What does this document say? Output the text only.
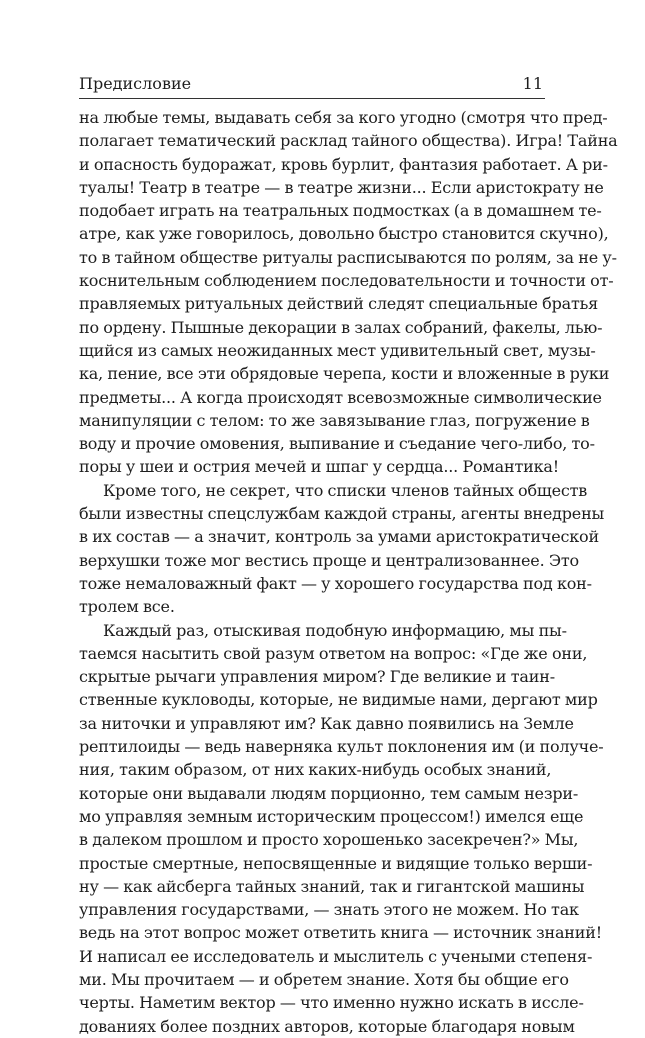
Предисловие	11
на любые темы, выдавать себя за кого угодно (смотря что пред-
полагает тематический расклад тайного общества). Игра! Тайна
и опасность будоражат, кровь бурлит, фантазия работает. А ри-
туалы! Театр в театре — в театре жизни... Если аристократу не
подобает играть на театральных подмостках (а в домашнем те-
атре, как уже говорилось, довольно быстро становится скучно),
то в тайном обществе ритуалы расписываются по ролям, за не у-
коснительным соблюдением последовательности и точности от-
правляемых ритуальных действий следят специальные братья
по ордену. Пышные декорации в залах собраний, факелы, лью-
щийся из самых неожиданных мест удивительный свет, музы-
ка, пение, все эти обрядовые черепа, кости и вложенные в руки
предметы... А когда происходят всевозможные символические
манипуляции с телом: то же завязывание глаз, погружение в
воду и прочие омовения, выпивание и съедание чего-либо, то-
поры у шеи и острия мечей и шпаг у сердца... Романтика!
Кроме того, не секрет, что списки членов тайных обществ
были известны спецслужбам каждой страны, агенты внедрены
в их состав — а значит, контроль за умами аристократической
верхушки тоже мог вестись проще и централизованнее. Это
тоже немаловажный факт — у хорошего государства под кон-
тролем все.
Каждый раз, отыскивая подобную информацию, мы пы-
таемся насытить свой разум ответом на вопрос: «Где же они,
скрытые рычаги управления миром? Где великие и таин-
ственные кукловоды, которые, не видимые нами, дергают мир
за ниточки и управляют им? Как давно появились на Земле
рептилоиды — ведь наверняка культ поклонения им (и получе-
ния, таким образом, от них каких-нибудь особых знаний,
которые они выдавали людям порционно, тем самым незри-
мо управляя земным историческим процессом!) имелся еще
в далеком прошлом и просто хорошенько засекречен?» Мы,
простые смертные, непосвященные и видящие только верши-
ну — как айсберга тайных знаний, так и гигантской машины
управления государствами, — знать этого не можем. Но так
ведь на этот вопрос может ответить книга — источник знаний!
И написал ее исследователь и мыслитель с учеными степеня-
ми. Мы прочитаем — и обретем знание. Хотя бы общие его
черты. Наметим вектор — что именно нужно искать в иссле-
дованиях более поздних авторов, которые благодаря новым
